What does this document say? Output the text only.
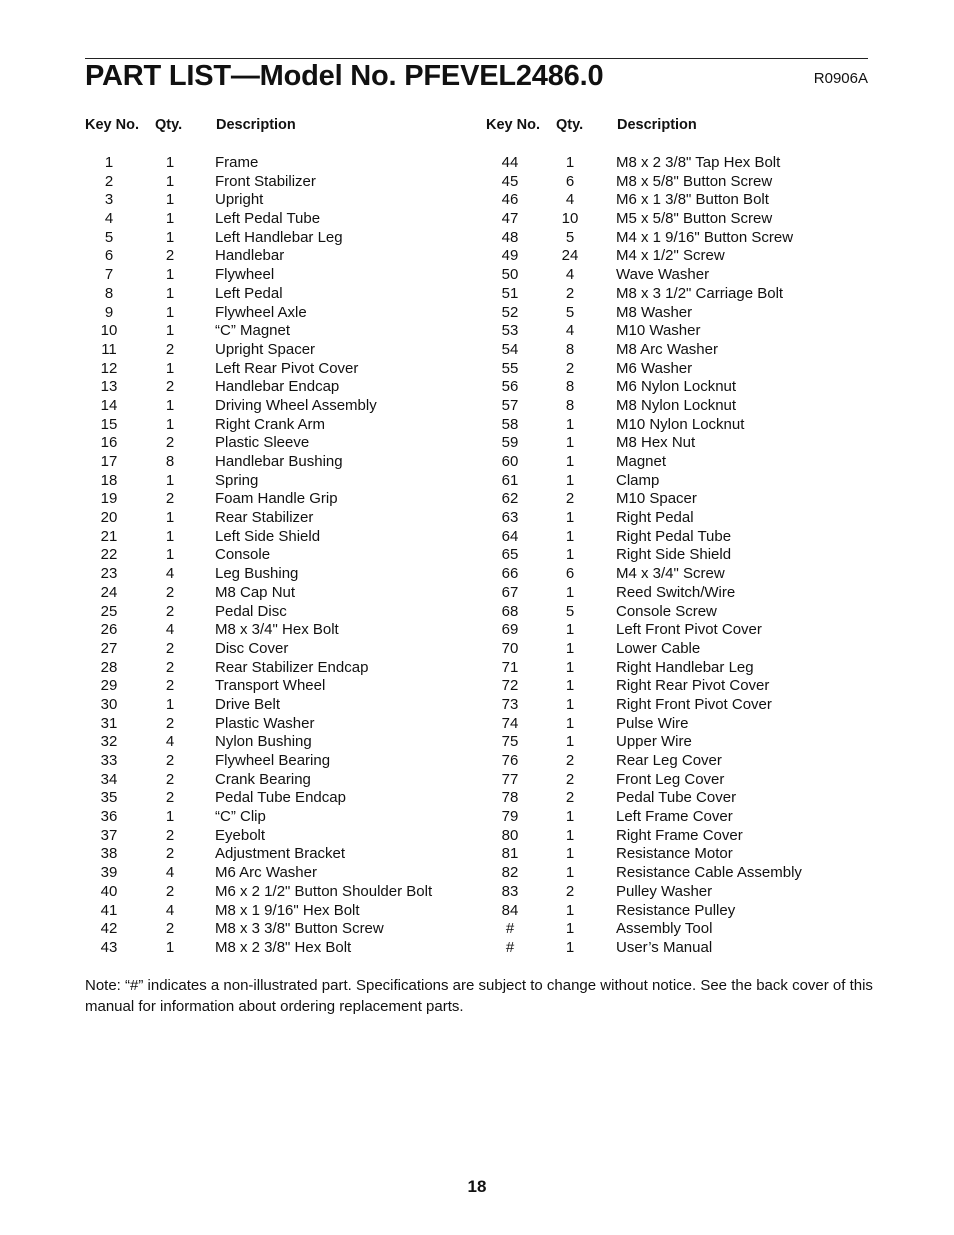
PART LIST—Model No. PFEVEL2486.0	R0906A
Key No. Qty. Description
1	1	Frame
2	1	Front Stabilizer
3	1	Upright
4	1	Left Pedal Tube
5	1	Left Handlebar Leg
6	2	Handlebar
7	1	Flywheel
8	1	Left Pedal
9	1	Flywheel Axle
10	1	“C” Magnet
11	2	Upright Spacer
12	1	Left Rear Pivot Cover
13	2	Handlebar Endcap
14	1	Driving Wheel Assembly
15	1	Right Crank Arm
16	2	Plastic Sleeve
17	8	Handlebar Bushing
18	1	Spring
19	2	Foam Handle Grip
20	1	Rear Stabilizer
21	1	Left Side Shield
22	1	Console
23	4	Leg Bushing
24	2	M8 Cap Nut
25	2	Pedal Disc
26	4	M8 x 3/4" Hex Bolt
27	2	Disc Cover
28	2	Rear Stabilizer Endcap
29	2	Transport Wheel
30	1	Drive Belt
31	2	Plastic Washer
32	4	Nylon Bushing
33	2	Flywheel Bearing
34	2	Crank Bearing
35	2	Pedal Tube Endcap
36	1	“C” Clip
37	2	Eyebolt
38	2	Adjustment Bracket
39	4	M6 Arc Washer
40	2	M6 x 2 1/2" Button Shoulder Bolt
41	4	M8 x 1 9/16" Hex Bolt
42	2	M8 x 3 3/8" Button Screw
43	1	M8 x 2 3/8" Hex Bolt
Key No. Qty. Description
44	1	M8 x 2 3/8" Tap Hex Bolt
45	6	M8 x 5/8" Button Screw
46	4	M6 x 1 3/8" Button Bolt
47	10	M5 x 5/8" Button Screw
48	5	M4 x 1 9/16" Button Screw
49	24	M4 x 1/2" Screw
50	4	Wave Washer
51	2	M8 x 3 1/2" Carriage Bolt
52	5	M8 Washer
53	4	M10 Washer
54	8	M8 Arc Washer
55	2	M6 Washer
56	8	M6 Nylon Locknut
57	8	M8 Nylon Locknut
58	1	M10 Nylon Locknut
59	1	M8 Hex Nut
60	1	Magnet
61	1	Clamp
62	2	M10 Spacer
63	1	Right Pedal
64	1	Right Pedal Tube
65	1	Right Side Shield
66	6	M4 x 3/4" Screw
67	1	Reed Switch/Wire
68	5	Console Screw
69	1	Left Front Pivot Cover
70	1	Lower Cable
71	1	Right Handlebar Leg
72	1	Right Rear Pivot Cover
73	1	Right Front Pivot Cover
74	1	Pulse Wire
75	1	Upper Wire
76	2	Rear Leg Cover
77	2	Front Leg Cover
78	2	Pedal Tube Cover
79	1	Left Frame Cover
80	1	Right Frame Cover
81	1	Resistance Motor
82	1	Resistance Cable Assembly
83	2	Pulley Washer
84	1	Resistance Pulley
#	1	Assembly Tool
#	1	User’s Manual
Note: “#” indicates a non-illustrated part. Specifications are subject to change without notice. See the back cover of this manual for information about ordering replacement parts.
18
